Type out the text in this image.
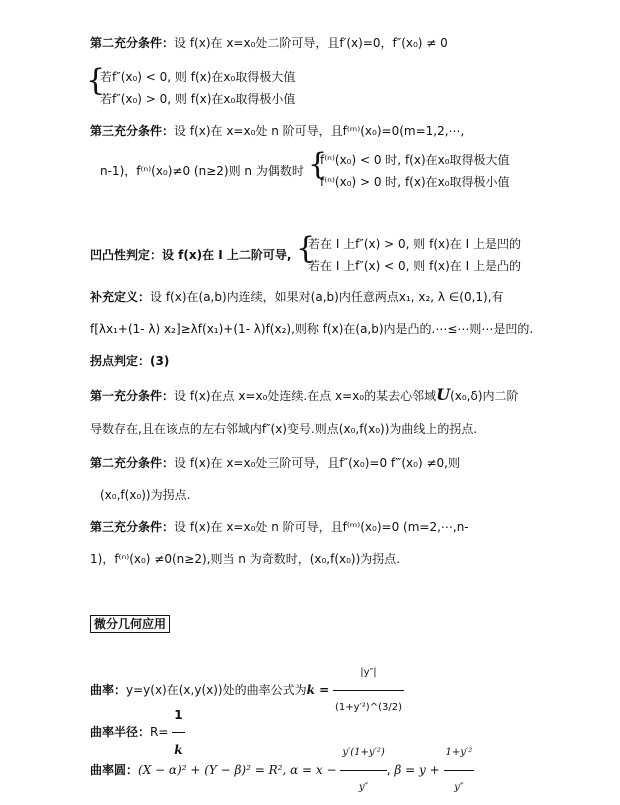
第二充分条件：设 f(x)在 x=x₀处二阶可导，且f′(x)=0，f″(x₀) ≠ 0
{
若f″(x₀) < 0, 则 f(x)在x₀取得极大值
若f″(x₀) > 0, 则 f(x)在x₀取得极小值
第三充分条件：设 f(x)在 x=x₀处 n 阶可导，且f⁽ᵐ⁾(x₀)=0(m=1,2,⋯,
n-1)，f⁽ⁿ⁾(x₀)≠0 (n≥2)则 n 为偶数时 {
f⁽ⁿ⁾(x₀) < 0 时, f(x)在x₀取得极大值
f⁽ⁿ⁾(x₀) > 0 时, f(x)在x₀取得极小值
凹凸性判定：设 f(x)在 I 上二阶可导, {
若在 I 上f″(x) > 0, 则 f(x)在 I 上是凹的
若在 I 上f″(x) < 0, 则 f(x)在 I 上是凸的
补充定义：设 f(x)在(a,b)内连续，如果对(a,b)内任意两点x₁, x₂, λ ∈(0,1),有
f[λx₁+(1- λ) x₂]≥λf(x₁)+(1- λ)f(x₂),则称 f(x)在(a,b)内是凸的.⋯≤⋯则⋯是凹的.
拐点判定：(3)
第一充分条件：设 f(x)在点 x=x₀处连续.在点 x=x₀的某去心邻域U(x₀,δ)内二阶
导数存在,且在该点的左右邻域内f″(x)变号.则点(x₀,f(x₀))为曲线上的拐点.
第二充分条件：设 f(x)在 x=x₀处三阶可导，且f″(x₀)=0 f‴(x₀) ≠0,则
(x₀,f(x₀))为拐点.
第三充分条件：设 f(x)在 x=x₀处 n 阶可导，且f⁽ᵐ⁾(x₀)=0 (m=2,⋯,n-
1)，f⁽ⁿ⁾(x₀) ≠0(n≥2),则当 n 为奇数时，(x₀,f(x₀))为拐点.
微分几何应用
曲率：y=y(x)在(x,y(x))处的曲率公式为$k = \frac{|y''|}{\text{(1+y′²)\textasciicircum{}(3/2)}}$
曲率半径：$R= \frac{1}{k}$
曲率圆：(X − α)² + (Y − β)² = R², $\alpha = x - \frac{\text{y′(1+y′²)}}{y''}$ , $\beta = y + \frac{\text{1+y′²}}{y''}$
